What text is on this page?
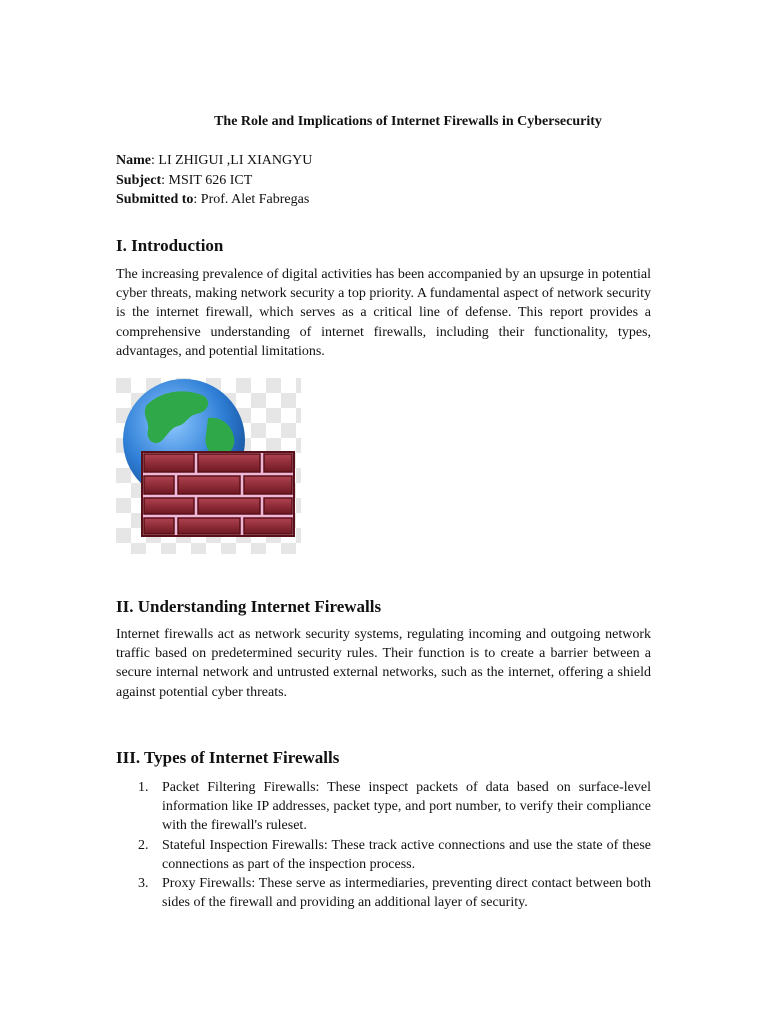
The Role and Implications of Internet Firewalls in Cybersecurity
Name: LI ZHIGUI ,LI XIANGYU
Subject: MSIT 626 ICT
Submitted to: Prof. Alet Fabregas
I. Introduction

The increasing prevalence of digital activities has been accompanied by an upsurge in potential cyber threats, making network security a top priority. A fundamental aspect of network security is the internet firewall, which serves as a critical line of defense. This report provides a comprehensive understanding of internet firewalls, including their functionality, types, advantages, and potential limitations.

II. Understanding Internet Firewalls

Internet firewalls act as network security systems, regulating incoming and outgoing network traffic based on predetermined security rules. Their function is to create a barrier between a secure internal network and untrusted external networks, such as the internet, offering a shield against potential cyber threats.

III. Types of Internet Firewalls
1. Packet Filtering Firewalls: These inspect packets of data based on surface-level information like IP addresses, packet type, and port number, to verify their compliance with the firewall's ruleset.
2. Stateful Inspection Firewalls: These track active connections and use the state of these connections as part of the inspection process.
3. Proxy Firewalls: These serve as intermediaries, preventing direct contact between both sides of the firewall and providing an additional layer of security.
